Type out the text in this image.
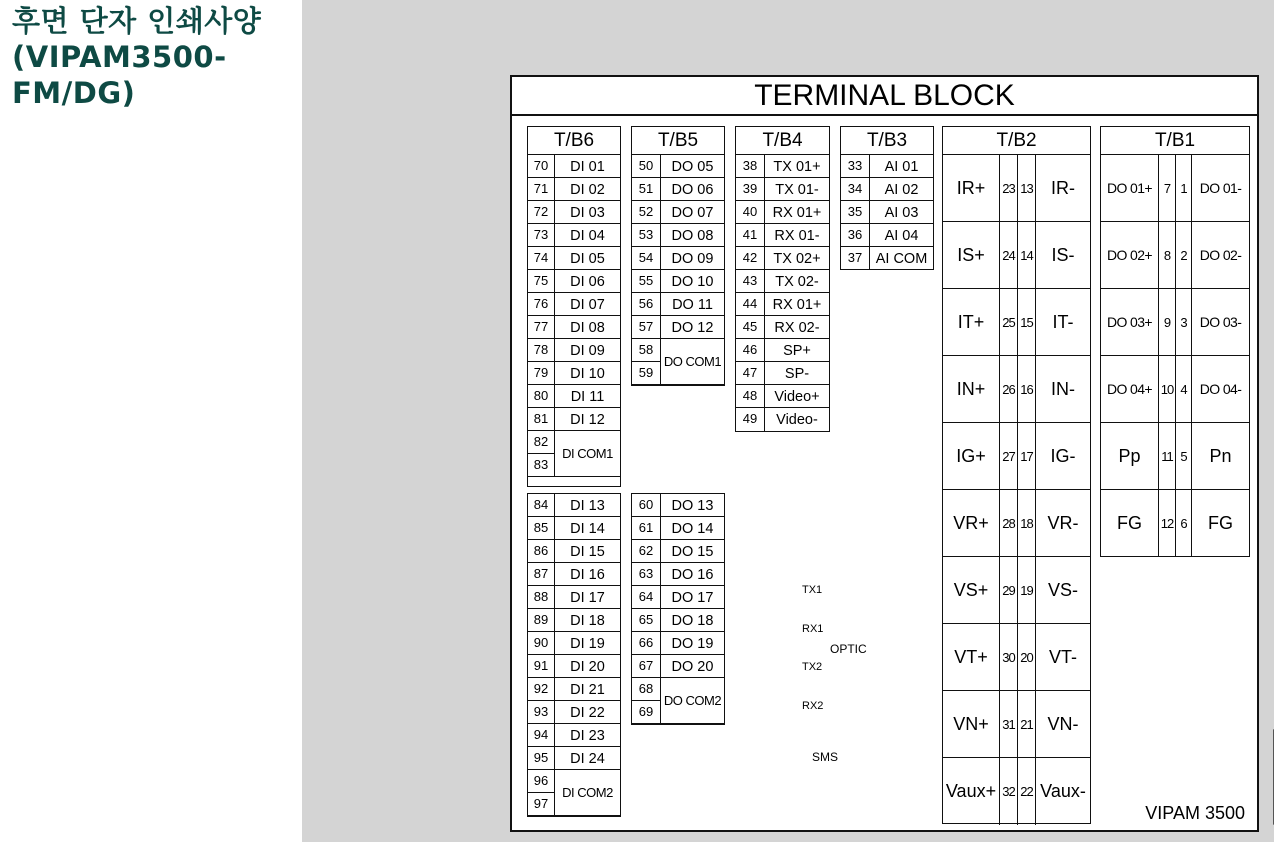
후면 단자 인쇄사양 (VIPAM3500-FM/DG)	TERMINAL BLOCK
T/B6
70	DI 01
71	DI 02
72	DI 03
73	DI 04
74	DI 05
75	DI 06
76	DI 07
77	DI 08
78	DI 09
79	DI 10
80	DI 11
81	DI 12
82
83
DI COM1
T/B5
50	DO 05
51	DO 06
52	DO 07
53	DO 08
54	DO 09
55	DO 10
56	DO 11
57	DO 12
58
59
DO COM1
T/B4
38	TX 01+
39	TX 01-
40	RX 01+
41	RX 01-
42	TX 02+
43	TX 02-
44	RX 01+
45	RX 02-
46	SP+
47	SP-
48	Video+
49	Video-
T/B3
33	AI 01
34	AI 02
35	AI 03
36	AI 04
37 AI COM
T/B2
IR+	23 13	IR-
IS+	24 14	IS-
IT+	25 15	IT-
IN+	26 16	IN-
IG+	27 17 IG-
VR+	28 18 VR-
VS+	29 19 VS-
VT+	30 20 VT-
VN+	31 21 VN-
Vaux+ 32 22 Vaux-
T/B1
DO 01+ 7 1 DO 01-
DO 02+ 8 2 DO 02-
DO 03+ 9 3 DO 03-
DO 04+ 10 4 DO 04-
Pp	11 5	Pn
FG	12 6	FG
84	DI 13
85	DI 14
86	DI 15
87	DI 16
88	DI 17
89	DI 18
90	DI 19
91	DI 20
92	DI 21
93	DI 22
94	DI 23
95	DI 24
96
97
DI COM2
60	DO 13
61	DO 14
62	DO 15
63	DO 16
64	DO 17
65	DO 18
66	DO 19
67	DO 20
68
69
DO COM2
TX1
RX1
TX2
RX2
OPTIC
SMS
VIPAM 3500
